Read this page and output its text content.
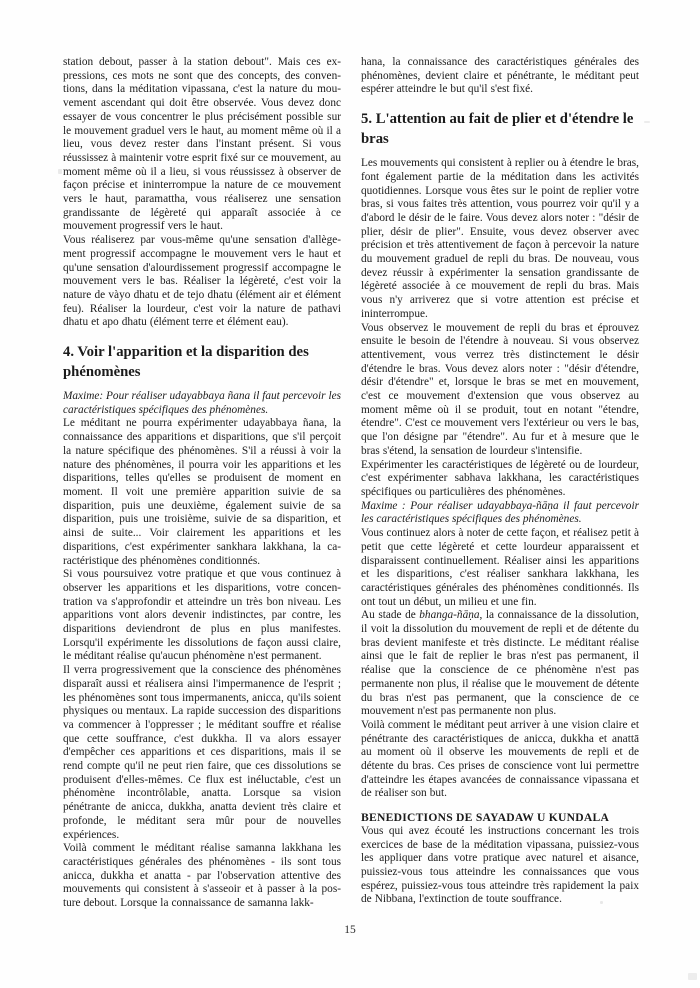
station debout, passer à la station debout". Mais ces expressions, ces mots ne sont que des concepts, des conventions, dans la méditation vipassana, c'est la nature du mouvement ascendant qui doit être observée. Vous devez donc essayer de vous concentrer le plus précisément possible sur le mouvement graduel vers le haut, au moment même où il a lieu, vous devez rester dans l'instant présent. Si vous réussissez à maintenir votre esprit fixé sur ce mouvement, au moment même où il a lieu, si vous réussissez à observer de façon précise et ininterrompue la nature de ce mouvement vers le haut, paramattha, vous réaliserez une sensation grandissante de légèreté qui apparaît associée à ce mouvement progressif vers le haut.

Vous réaliserez par vous-même qu'une sensation d'allègement progressif accompagne le mouvement vers le haut et qu'une sensation d'alourdissement progressif accompagne le mouvement vers le bas. Réaliser la légèreté, c'est voir la nature de vàyo dhatu et de tejo dhatu (élément air et élément feu). Réaliser la lourdeur, c'est voir la nature de pathavi dhatu et apo dhatu (élément terre et élément eau).

4. Voir l'apparition et la disparition des phénomènes

Maxime: Pour réaliser udayabbaya ñana il faut percevoir les caractéristiques spécifiques des phénomènes.

Le méditant ne pourra expérimenter udayabbaya ñana, la connaissance des apparitions et disparitions, que s'il perçoit la nature spécifique des phénomènes. S'il a réussi à voir la nature des phénomènes, il pourra voir les apparitions et les disparitions, telles qu'elles se produisent de moment en moment. Il voit une première apparition suivie de sa disparition, puis une deuxième, également suivie de sa disparition, puis une troisième, suivie de sa disparition, et ainsi de suite... Voir clairement les apparitions et les disparitions, c'est expérimenter sankhara lakkhana, la caractéristique des phénomènes conditionnés.

Si vous poursuivez votre pratique et que vous continuez à observer les apparitions et les disparitions, votre concentration va s'approfondir et atteindre un très bon niveau. Les apparitions vont alors devenir indistinctes, par contre, les disparitions deviendront de plus en plus manifestes. Lorsqu'il expérimente les dissolutions de façon aussi claire, le méditant réalise qu'aucun phénomène n'est permanent.

Il verra progressivement que la conscience des phénomènes disparaît aussi et réalisera ainsi l'impermanence de l'esprit ; les phénomènes sont tous impermanents, anicca, qu'ils soient physiques ou mentaux. La rapide succession des disparitions va commencer à l'oppresser ; le méditant souffre et réalise que cette souffrance, c'est dukkha. Il va alors essayer d'empêcher ces apparitions et ces disparitions, mais il se rend compte qu'il ne peut rien faire, que ces dissolutions se produisent d'elles-mêmes. Ce flux est inéluctable, c'est un phénomène incontrôlable, anatta. Lorsque sa vision pénétrante de anicca, dukkha, anatta devient très claire et profonde, le méditant sera mûr pour de nouvelles expériences.

Voilà comment le méditant réalise samanna lakkhana les caractéristiques générales des phénomènes - ils sont tous anicca, dukkha et anatta - par l'observation attentive des mouvements qui consistent à s'asseoir et à passer à la posture debout. Lorsque la connaissance de samanna lakk-

hana, la connaissance des caractéristiques générales des phénomènes, devient claire et pénétrante, le méditant peut espérer atteindre le but qu'il s'est fixé.

5. L'attention au fait de plier et d'étendre le bras

Les mouvements qui consistent à replier ou à étendre le bras, font également partie de la méditation dans les activités quotidiennes. Lorsque vous êtes sur le point de replier votre bras, si vous faites très attention, vous pourrez voir qu'il y a d'abord le désir de le faire. Vous devez alors noter : "désir de plier, désir de plier". Ensuite, vous devez observer avec précision et très attentivement de façon à percevoir la nature du mouvement graduel de repli du bras. De nouveau, vous devez réussir à expérimenter la sensation grandissante de légèreté associée à ce mouvement de repli du bras. Mais vous n'y arriverez que si votre attention est précise et ininterrompue.

Vous observez le mouvement de repli du bras et éprouvez ensuite le besoin de l'étendre à nouveau. Si vous observez attentivement, vous verrez très distinctement le désir d'étendre le bras. Vous devez alors noter : "désir d'étendre, désir d'étendre" et, lorsque le bras se met en mouvement, c'est ce mouvement d'extension que vous observez au moment même où il se produit, tout en notant "étendre, étendre". C'est ce mouvement vers l'extérieur ou vers le bas, que l'on désigne par "étendre". Au fur et à mesure que le bras s'étend, la sensation de lourdeur s'intensifie.

Expérimenter les caractéristiques de légèreté ou de lourdeur, c'est expérimenter sabhava lakkhana, les caractéristiques spécifiques ou particulières des phénomènes.

Maxime : Pour réaliser udayabbaya-ñāṇa il faut percevoir les caractéristiques spécifiques des phénomènes.

Vous continuez alors à noter de cette façon, et réalisez petit à petit que cette légèreté et cette lourdeur apparaissent et disparaissent continuellement. Réaliser ainsi les apparitions et les disparitions, c'est réaliser sankhara lakkhana, les caractéristiques générales des phénomènes conditionnés. Ils ont tout un début, un milieu et une fin.

Au stade de bhanga-ñāṇa, la connaissance de la dissolution, il voit la dissolution du mouvement de repli et de détente du bras devient manifeste et très distincte. Le méditant réalise ainsi que le fait de replier le bras n'est pas permanent, il réalise que la conscience de ce phénomène n'est pas permanente non plus, il réalise que le mouvement de détente du bras n'est pas permanent, que la conscience de ce mouvement n'est pas permanente non plus.

Voilà comment le méditant peut arriver à une vision claire et pénétrante des caractéristiques de anicca, dukkha et anattā au moment où il observe les mouvements de repli et de détente du bras. Ces prises de conscience vont lui permettre d'atteindre les étapes avancées de connaissance vipassana et de réaliser son but.

BENEDICTIONS DE SAYADAW U KUNDALA

Vous qui avez écouté les instructions concernant les trois exercices de base de la méditation vipassana, puissiez-vous les appliquer dans votre pratique avec naturel et aisance, puissiez-vous tous atteindre les connaissances que vous espérez, puissiez-vous tous atteindre très rapidement la paix de Nibbana, l'extinction de toute souffrance.

15
